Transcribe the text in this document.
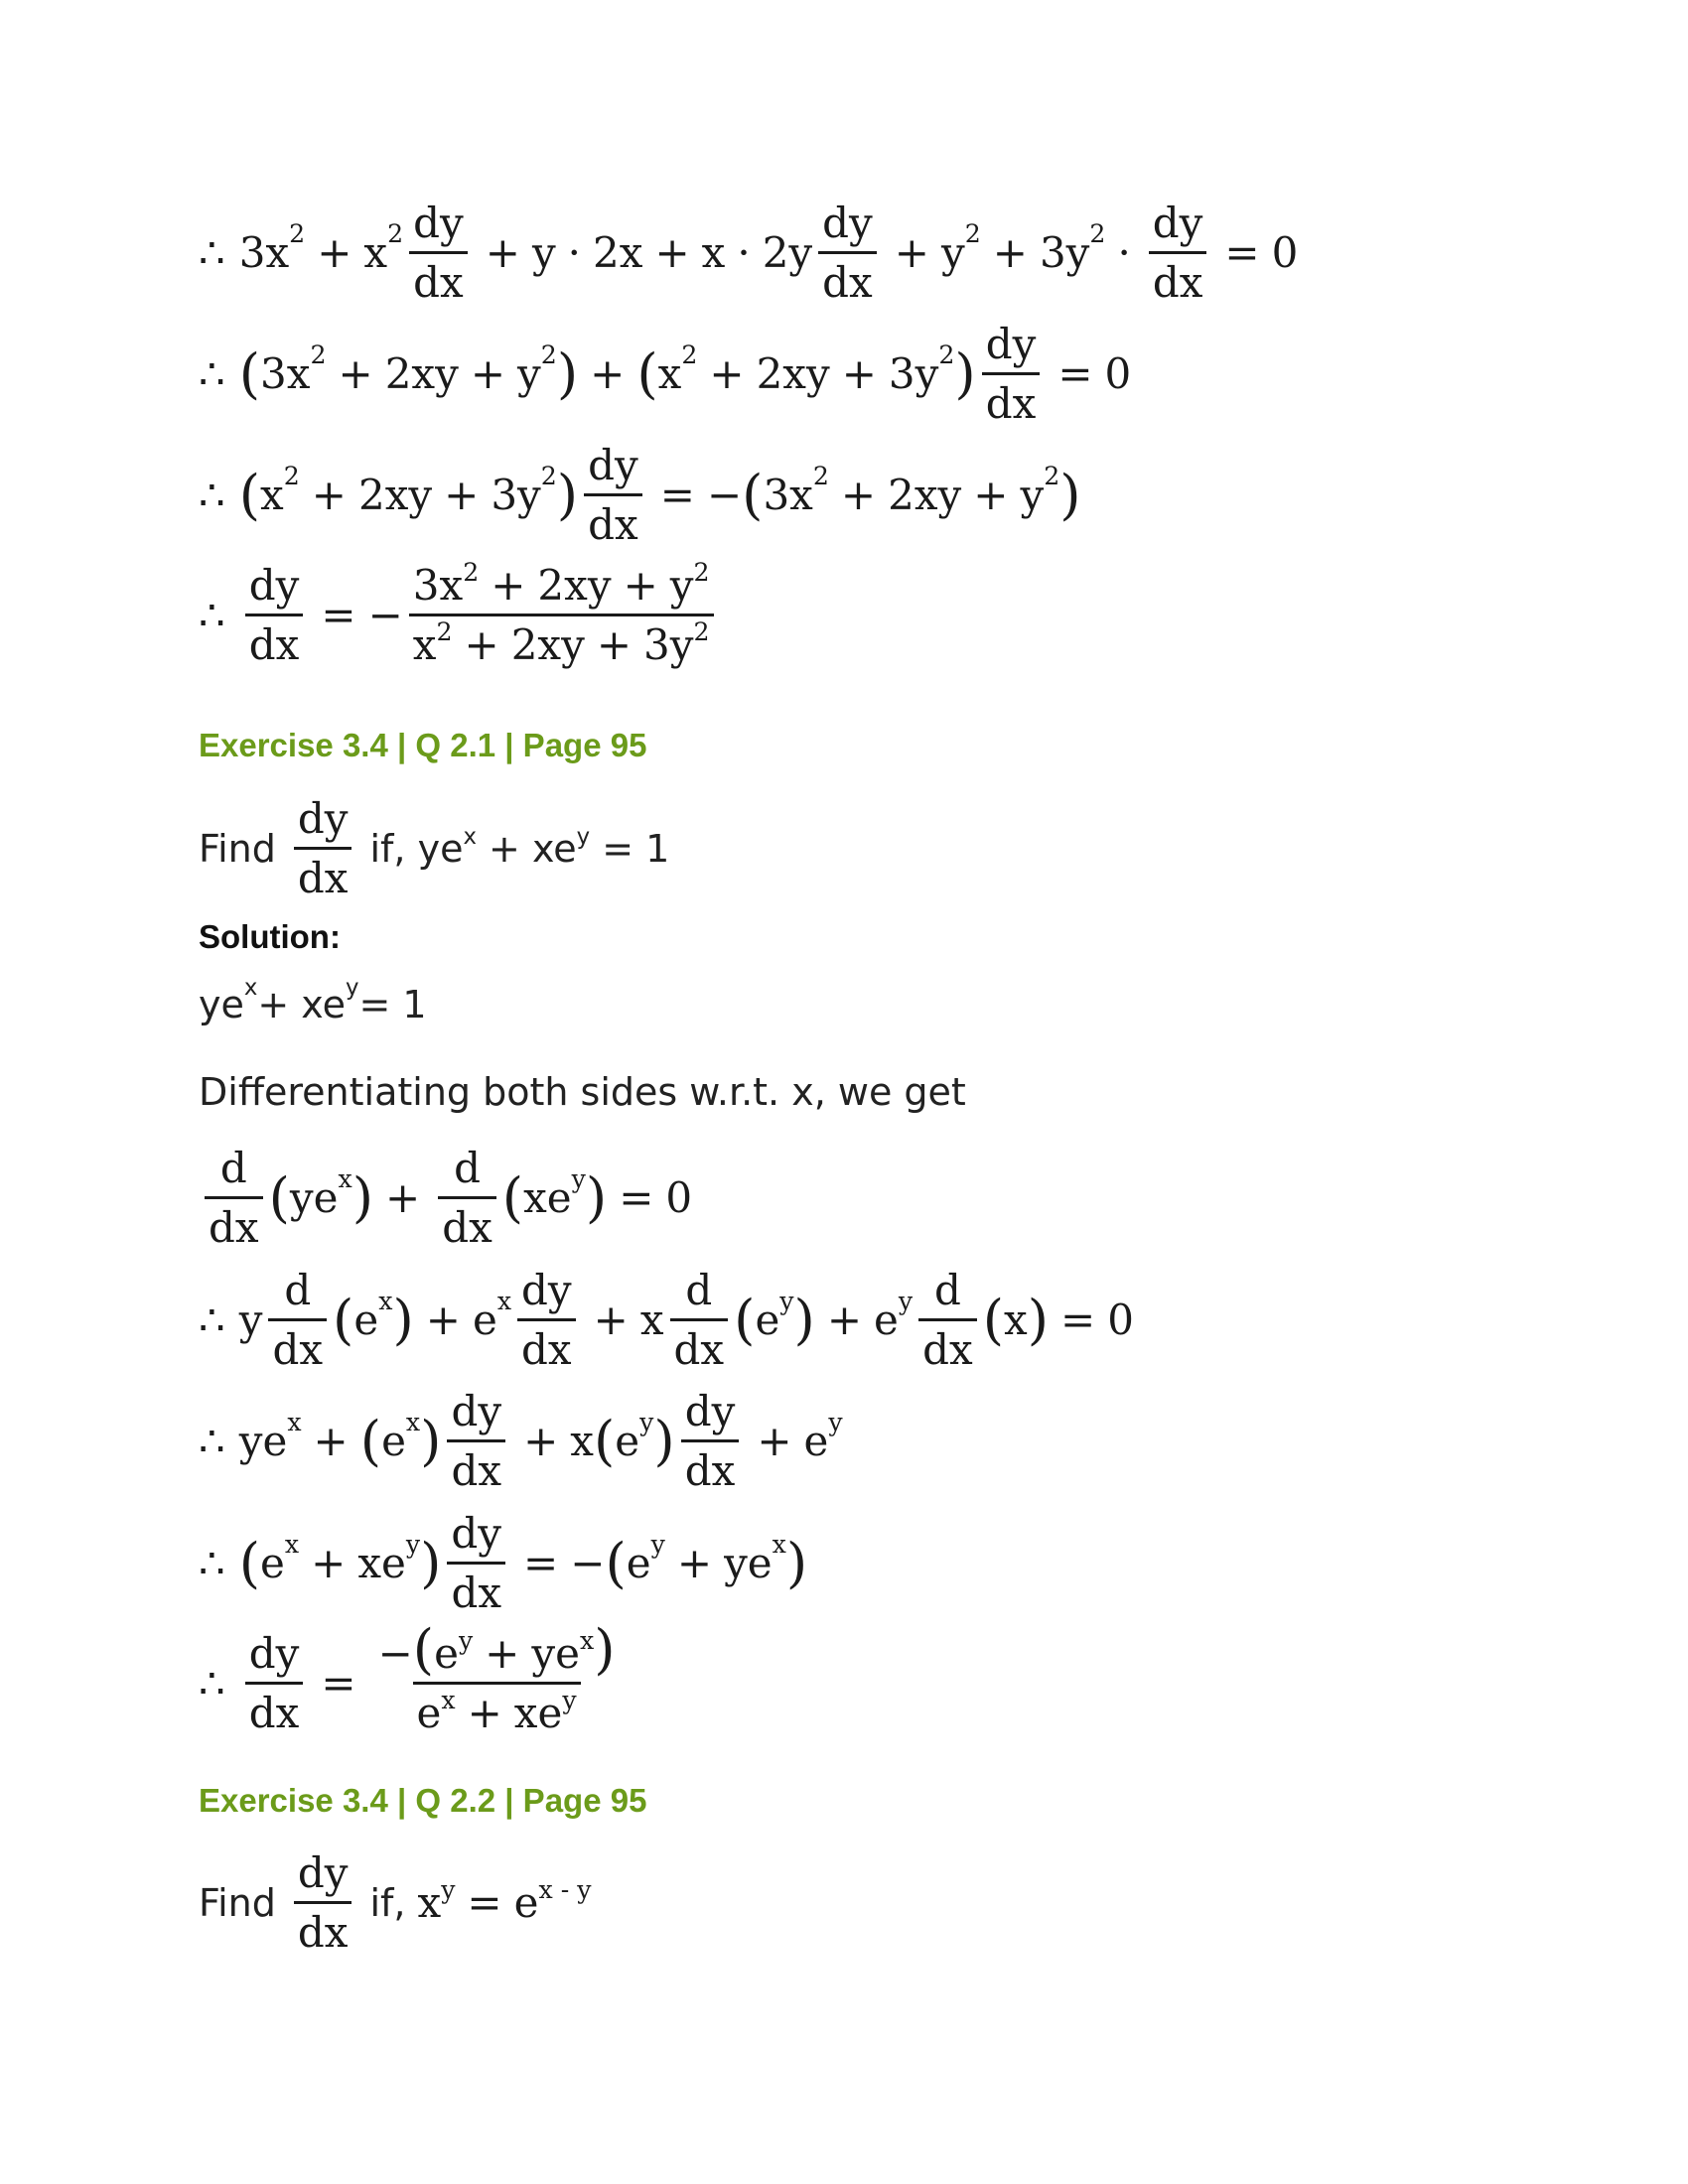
∴ $3x^2 + x^2 \frac{dy}{dx} + y \cdot 2x + x \cdot 2y \frac{dy}{dx} + y^2 + 3y^2 \cdot \frac{dy}{dx} = 0$
∴ ( $3x^2 + 2xy + y^2$ ) + ( $x^2 + 2xy + 3y^2$ ) $\frac{dy}{dx} = 0$
∴ ( $x^2 + 2xy + 3y^2$ ) $\frac{dy}{dx}$ = − ( $3x^2 + 2xy + y^2$ )
∴ $\frac{dy}{dx}$ = − $\frac{3x^2 + 2xy + y^2}{x^2 + 2xy + 3y^2}$
Exercise 3.4 | Q 2.1 | Page 95
Find $\frac{dy}{dx}$ if, $ye^x + xe^y = 1$
Solution:
$ye^x + xe^y = 1$
Differentiating both sides w.r.t. x, we get
$\frac{d}{dx}$ ( $ye^x$ ) + $\frac{d}{dx}$ ( $xe^y$ ) = 0
∴ y $\frac{d}{dx}$ ( $e^x$ ) + $e^x \frac{dy}{dx} + x \frac{d}{dx}$ ( $e^y$ ) + $e^y \frac{d}{dx}$ ( x ) = 0
∴ $ye^x$ + ( $e^x$ ) $\frac{dy}{dx} + x$ ( $e^y$ ) $\frac{dy}{dx} + e^y$
∴ ( $e^x + xe^y$ ) $\frac{dy}{dx}$ = − ( $e^y + ye^x$ )
∴ $\frac{dy}{dx} = \frac{-(e^y + ye^x)}{e^x + xe^y}$
Exercise 3.4 | Q 2.2 | Page 95
Find $\frac{dy}{dx}$ if, $x^y = e^{x - y}$
